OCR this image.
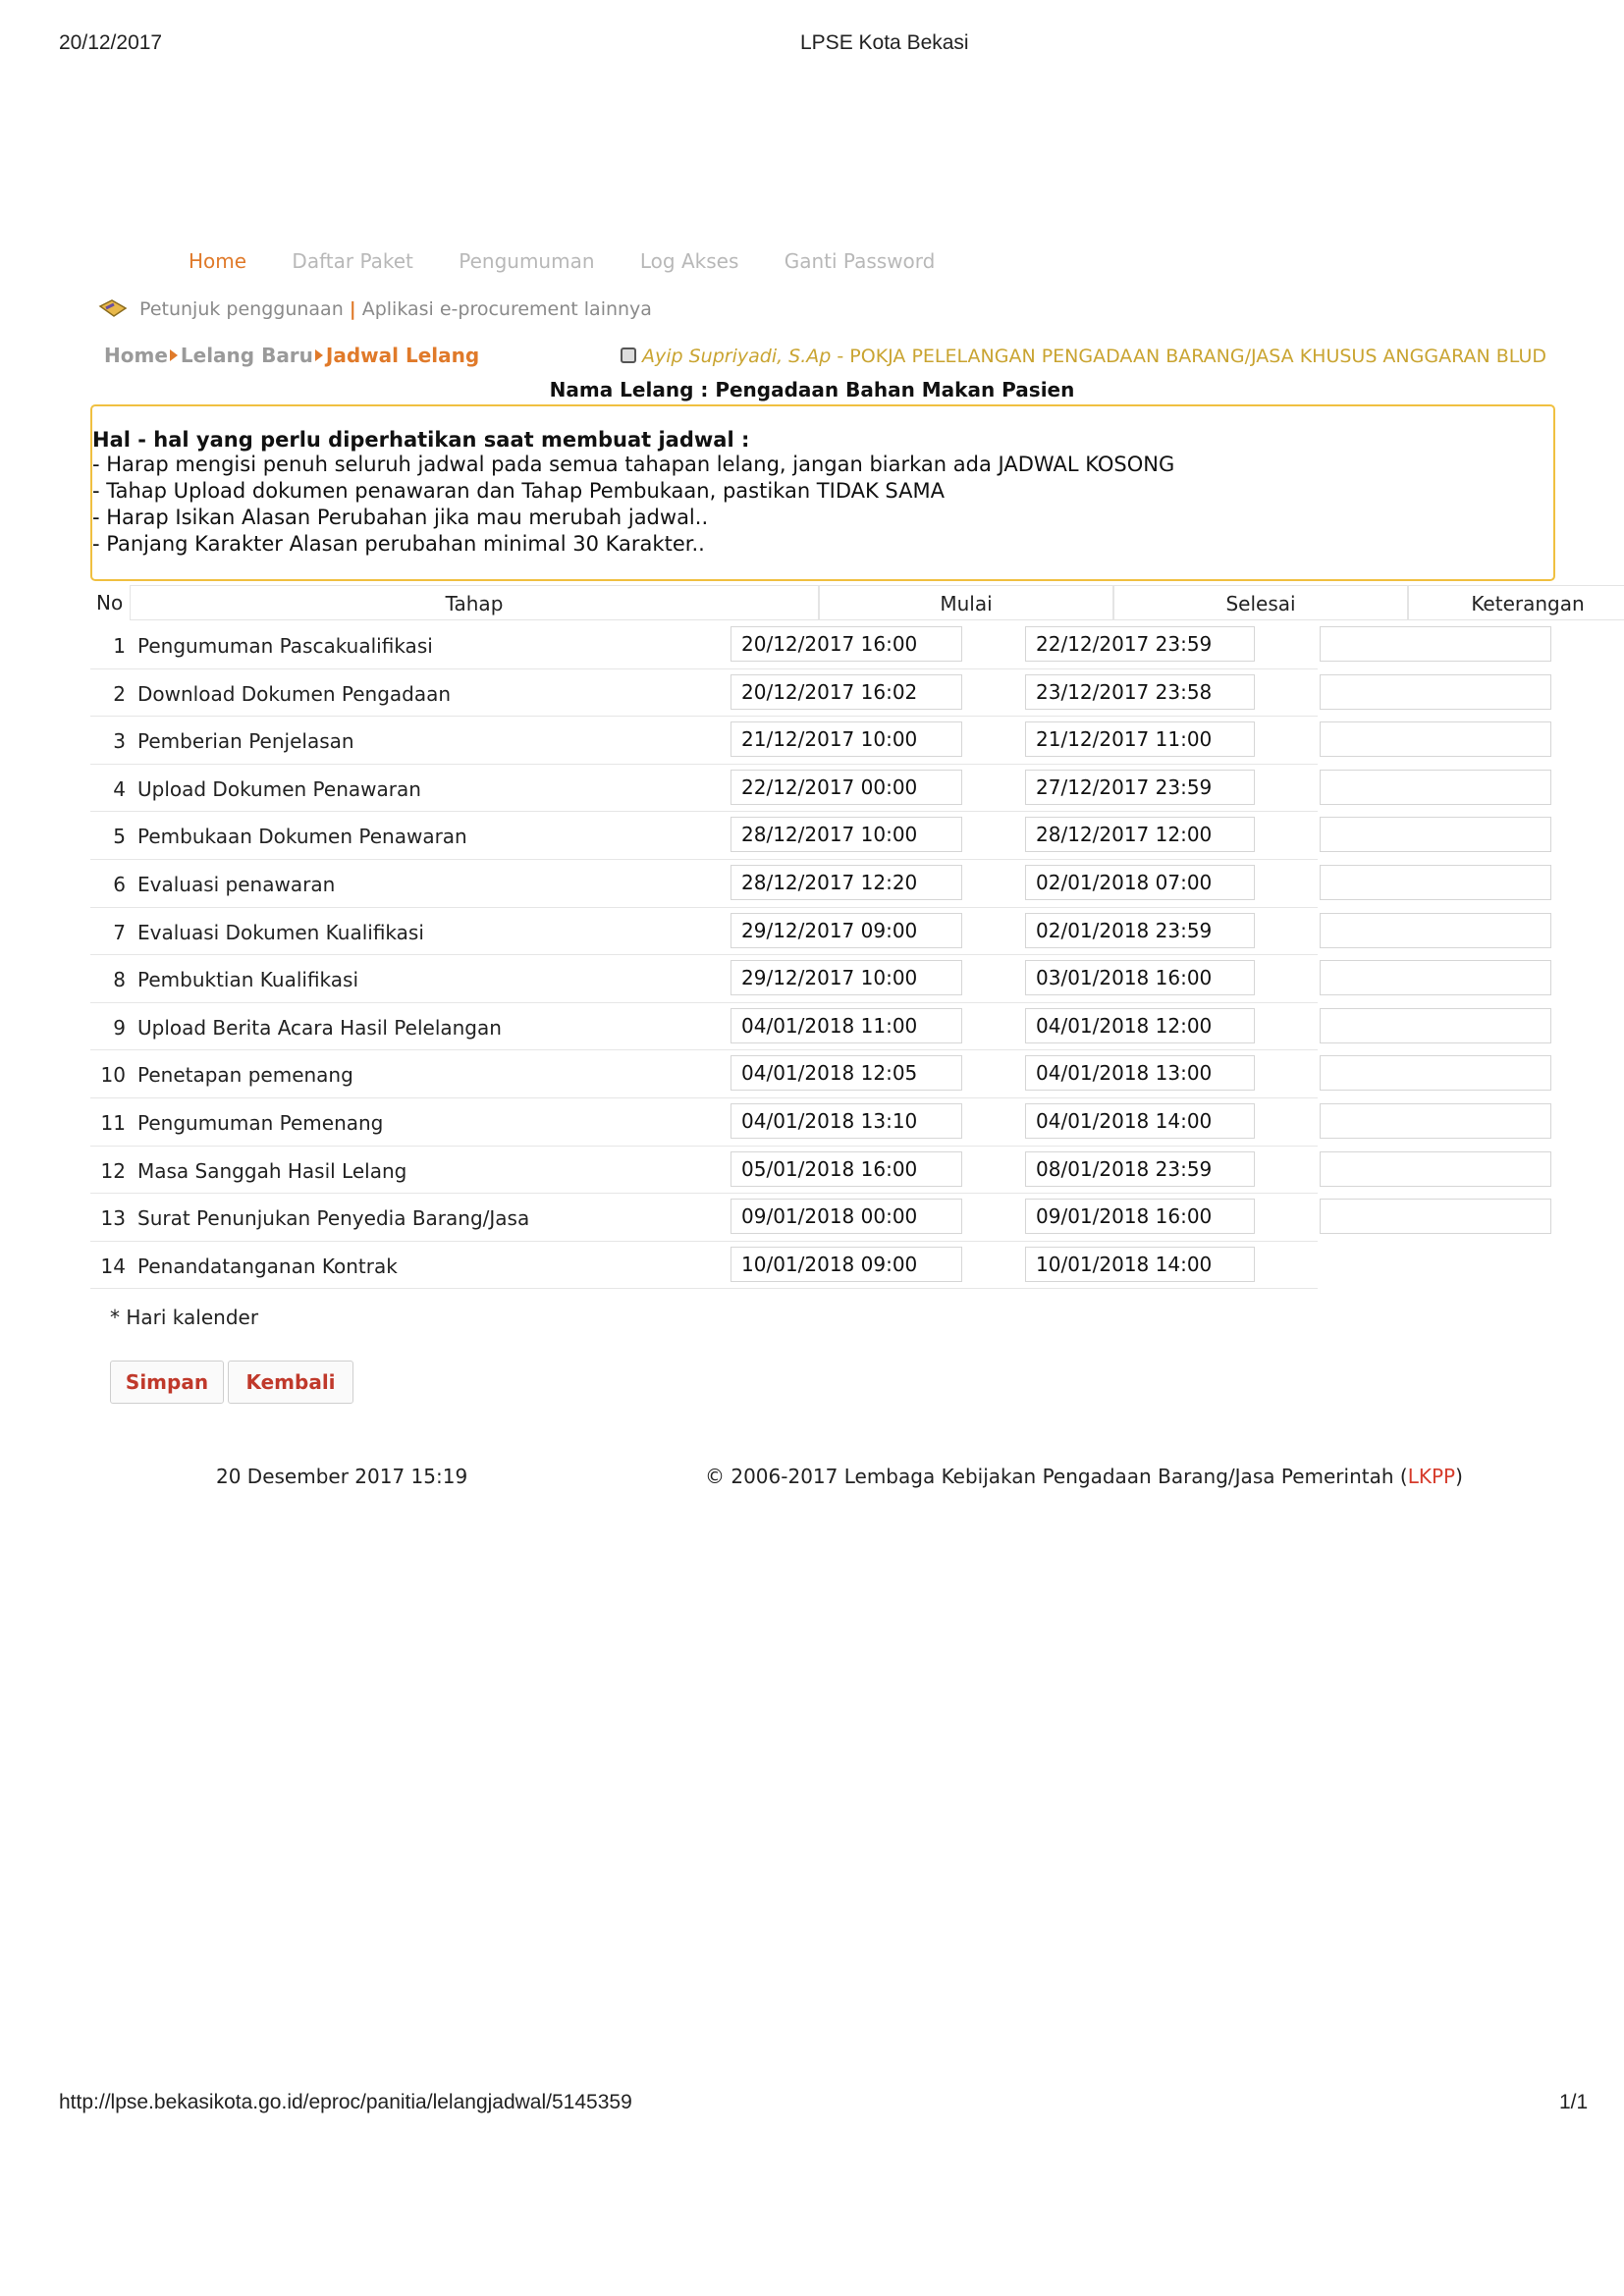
20/12/2017	LPSE Kota Bekasi
Home Daftar Paket Pengumuman Log Akses Ganti Password
Petunjuk penggunaan | Aplikasi e-procurement lainnya
Home Lelang Baru Jadwal Lelang	Ayip Supriyadi, S.Ap - POKJA PELELANGAN PENGADAAN BARANG/JASA KHUSUS ANGGARAN BLUD
Nama Lelang : Pengadaan Bahan Makan Pasien
Hal - hal yang perlu diperhatikan saat membuat jadwal :
- Harap mengisi penuh seluruh jadwal pada semua tahapan lelang, jangan biarkan ada JADWAL KOSONG
- Tahap Upload dokumen penawaran dan Tahap Pembukaan, pastikan TIDAK SAMA
- Harap Isikan Alasan Perubahan jika mau merubah jadwal..
- Panjang Karakter Alasan perubahan minimal 30 Karakter..
No	Tahap	Mulai	Selesai	Keterangan
1 Pengumuman Pascakualifikasi	20/12/2017 16:00	22/12/2017 23:59
2 Download Dokumen Pengadaan	20/12/2017 16:02	23/12/2017 23:58
3 Pemberian Penjelasan	21/12/2017 10:00	21/12/2017 11:00
4 Upload Dokumen Penawaran	22/12/2017 00:00	27/12/2017 23:59
5 Pembukaan Dokumen Penawaran	28/12/2017 10:00	28/12/2017 12:00
6 Evaluasi penawaran	28/12/2017 12:20	02/01/2018 07:00
7 Evaluasi Dokumen Kualifikasi	29/12/2017 09:00	02/01/2018 23:59
8 Pembuktian Kualifikasi	29/12/2017 10:00	03/01/2018 16:00
9 Upload Berita Acara Hasil Pelelangan	04/01/2018 11:00	04/01/2018 12:00
10 Penetapan pemenang	04/01/2018 12:05	04/01/2018 13:00
11 Pengumuman Pemenang	04/01/2018 13:10	04/01/2018 14:00
12 Masa Sanggah Hasil Lelang	05/01/2018 16:00	08/01/2018 23:59
13 Surat Penunjukan Penyedia Barang/Jasa	09/01/2018 00:00	09/01/2018 16:00
14 Penandatanganan Kontrak	10/01/2018 09:00	10/01/2018 14:00
* Hari kalender
Simpan	Kembali
20 Desember 2017 15:19	© 2006-2017 Lembaga Kebijakan Pengadaan Barang/Jasa Pemerintah (LKPP)
http://lpse.bekasikota.go.id/eproc/panitia/lelangjadwal/5145359	1/1
